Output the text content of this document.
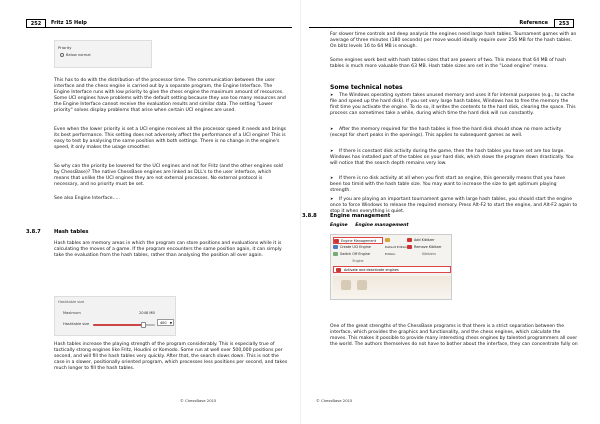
252	Fritz 15 Help
Priority
Below normal
This has to do with the distribution of the processor time. The communication between the user interface and the chess engine is carried out by a separate program, the Engine Interface. The Engine Interface runs with low priority to give the chess engine the maximum amount of resources. Some UCI engines have problems with the default setting because they use too many resources and the Engine Interface cannot receive the evaluation results and similar data. The setting "Lower priority" solves display problems that arise when certain UCI engines are used.
Even when the lower priority is set a UCI engine receives all the processor speed it needs and brings its best performance. This setting does not adversely affect the performance of a UCI engine! This is easy to test by analysing the same position with both settings. There is no change in the engine's speed, it only makes the usage smoother.
So why can the priority be lowered for the UCI engines and not for Fritz (and the other engines sold by ChessBase)? The native ChessBase engines are linked as DLL's to the user interface, which means that unlike the UCI engines they are not external processes. No external protocol is necessary, and no priority must be set.
See also Engine Interface.....
3.8.7	Hash tables
Hash tables are memory areas in which the program can store positions and evaluations while it is calculating the moves of a game. If the program encounters the same position again, it can simply take the evaluation from the hash tables, rather than analysing the position all over again.
Hashtable size
Maximum	2048 MB
Hashtable size	400 ▼
Hash tables increase the playing strength of the program considerably. This is especially true of tactically strong engines like Fritz, Houdini or Komodo. Some run at well over 500,000 positions per second, and will fill the hash tables very quickly. After that, the search slows down. This is not the case in a slower, positionally oriented program, which processes less positions per second, and takes much longer to fill the hash tables.
© ChessBase 2015
Reference	253
For slower time controls and deep analysis the engines need large hash tables. Tournament games with an average of three minutes (180 seconds) per move would ideally require over 256 MB for the hash tables. On blitz levels 16 to 64 MB is enough.
Some engines work best with hash tables sizes that are powers of two. This means that 64 MB of hash tables is much more valuable than 63 MB. Hash table sizes are set in the "Load engine" menu.
Some technical notes
➤ The Windows operating system takes unused memory and uses it for internal purposes (e.g., to cache file and speed up the hard disk). If you set very large hash tables, Windows has to free the memory the first time you activate the engine. To do so, it writes the contents to the hard disk, clearing the space. This process can sometimes take a while, during which time the hard disk will run constantly.
➤ After the memory required for the hash tables is free the hard disk should show no more activity (except for short peaks in the openings). This applies to subsequent games as well.
➤ If there is constant disk activity during the game, then the hash tables you have set are too large. Windows has installed part of the tables on your hard disk, which slows the program down drastically. You will notice that the search depth remains very low.
➤ If there is no disk activity at all when you first start an engine, this generally means that you have been too timid with the hash table size. You may want to increase the size to get optimum playing strength.
➤ If you are playing an important tournament game with large hash tables, you should start the engine once to force Windows to release the required memory. Press Alt-F2 to start the engine, and Alt-F2 again to stop it when everything is quiet.
3.8.8	Engine management
Engine Engine management
Engine Management
Create UCI Engine
Switch Off Engine
Engine
Default Edition
Edition
Add Kibitzer
Remove Kibitzer
Kibitzers
Activate and deactivate engines
One of the great strengths of the ChessBase programs is that there is a strict separation between the interface, which provides the graphics and functionality, and the chess engines, which calculate the moves. This makes it possible to provide many interesting chess engines by talented programmers all over the world. The authors themselves do not have to bother about the interface, they can concentrate fully on
© ChessBase 2015
